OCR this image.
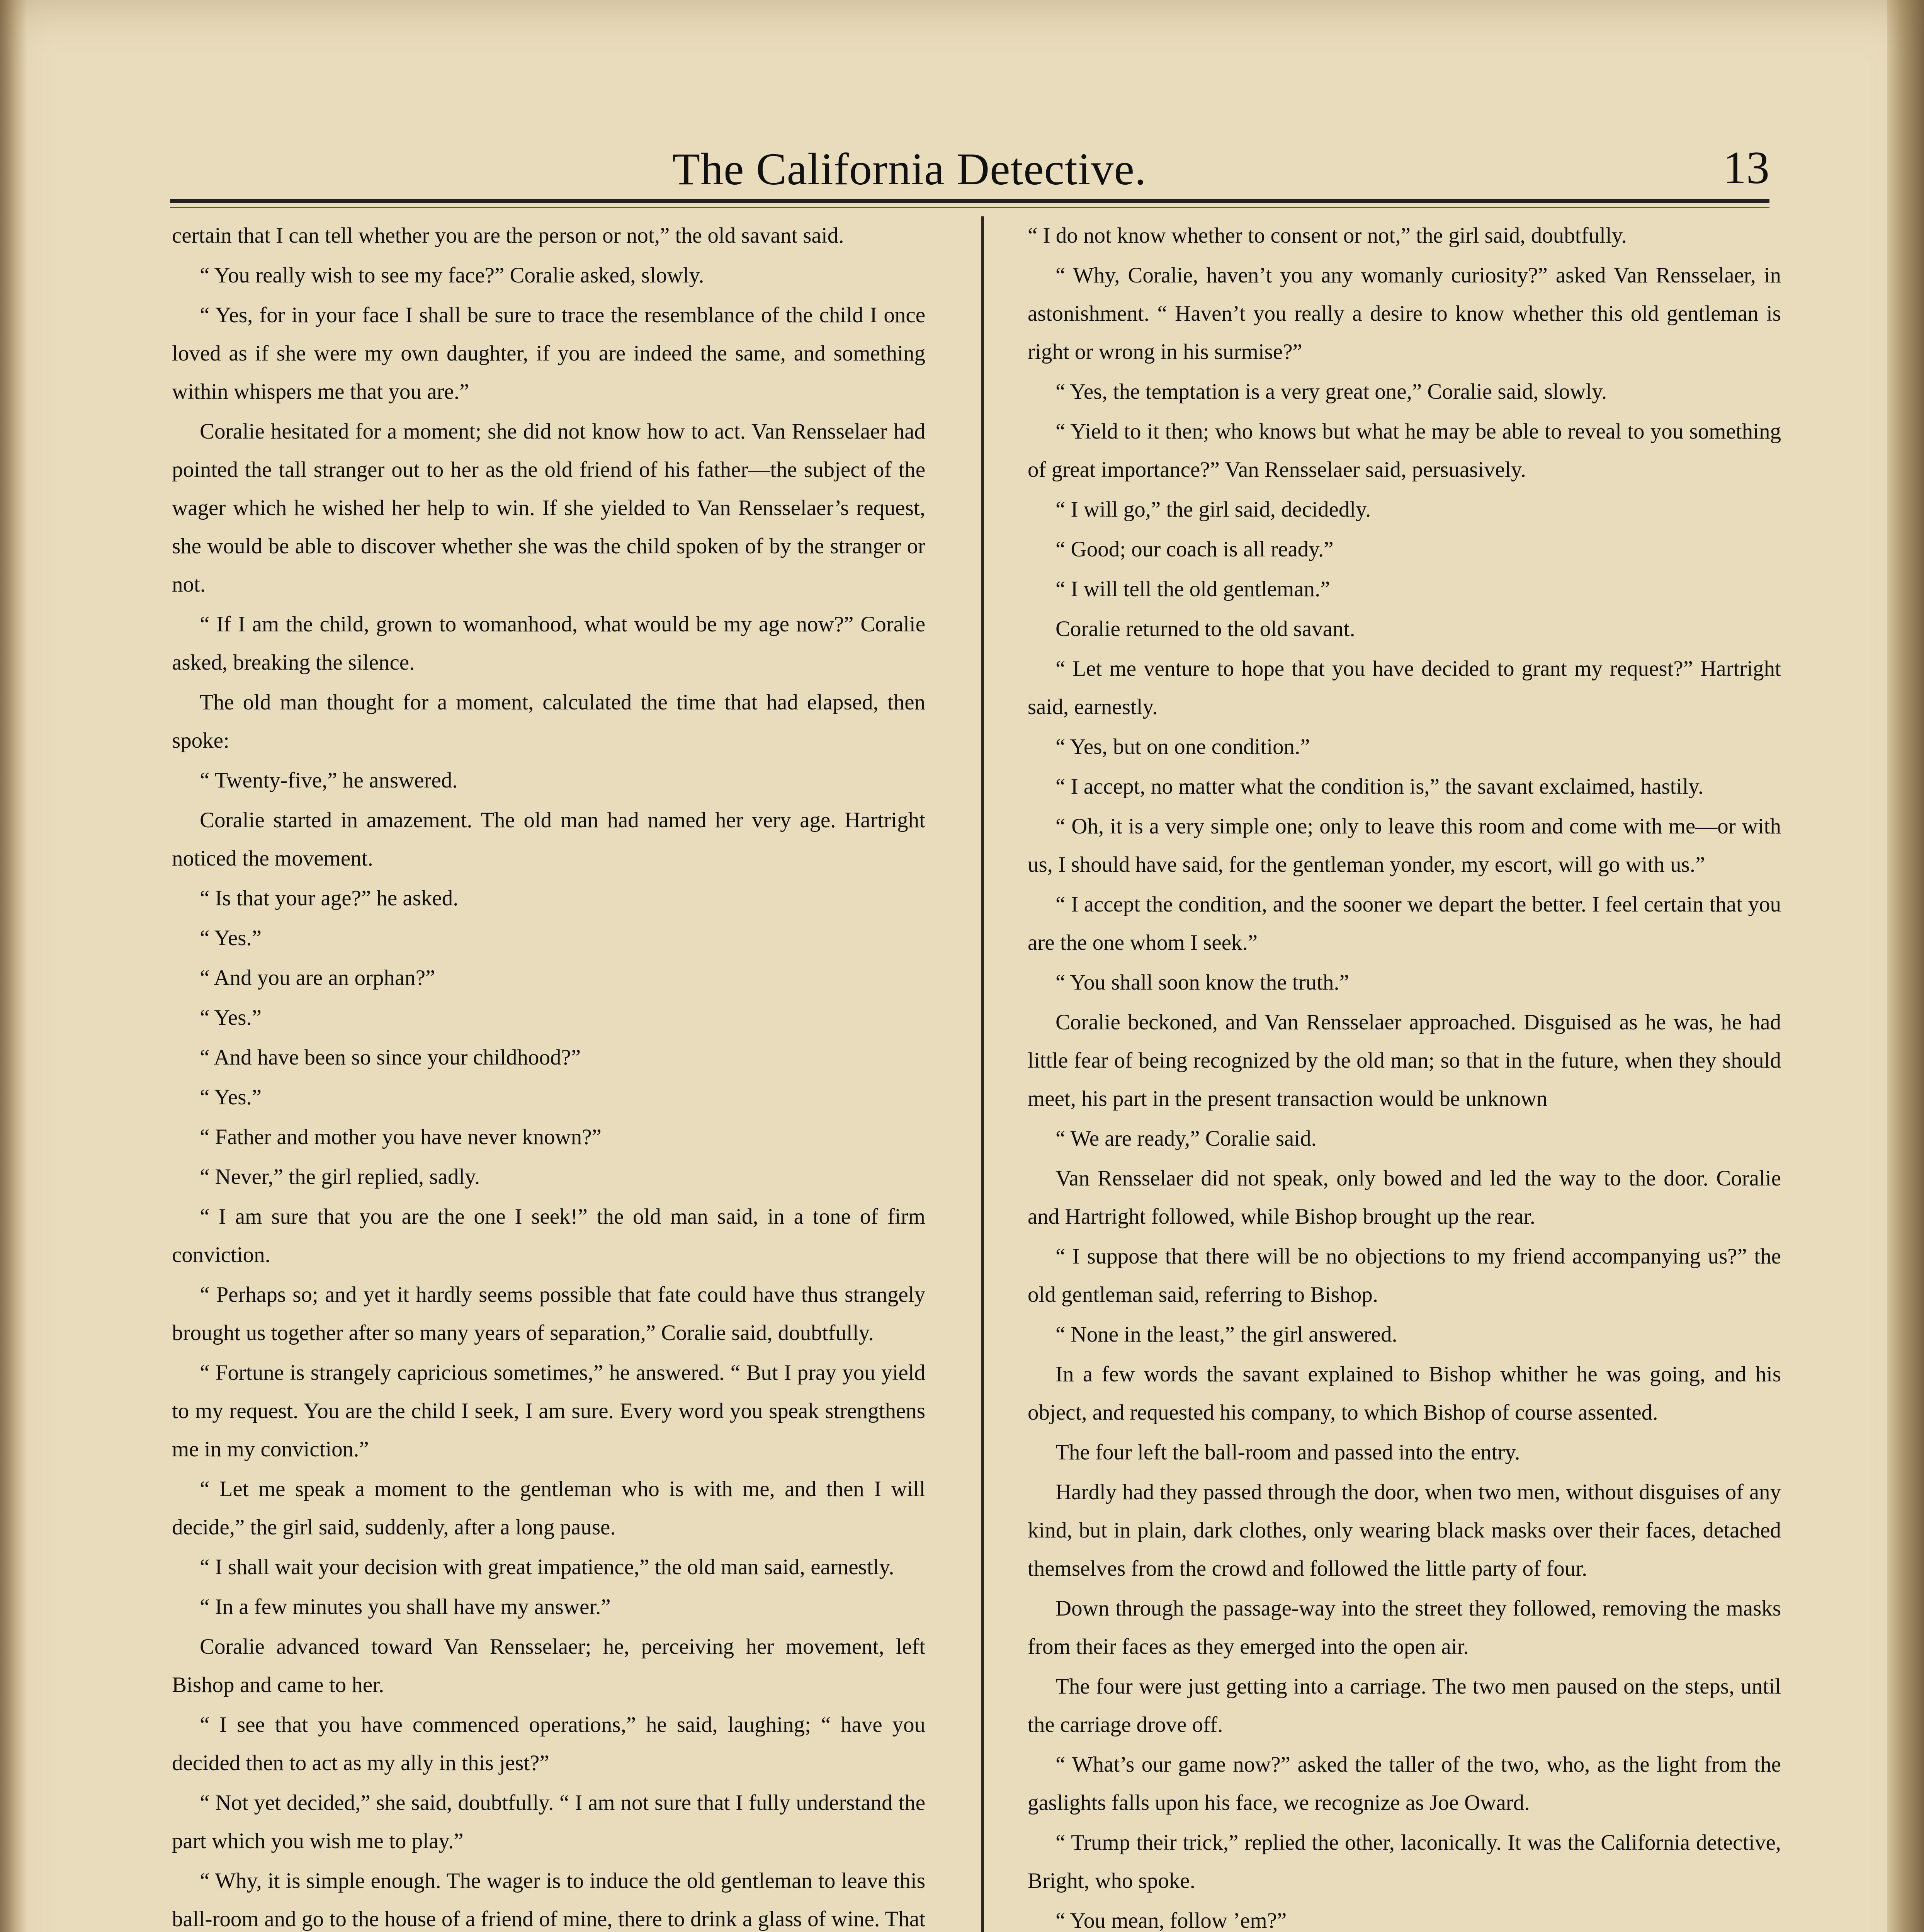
The California Detective.	13

certain that I can tell whether you are the person or not,” the old savant said.

“ You really wish to see my face?” Coralie asked, slowly.

“ Yes, for in your face I shall be sure to trace the resemblance of the child I once loved as if she were my own daughter, if you are indeed the same, and something within whispers me that you are.”

Coralie hesitated for a moment; she did not know how to act. Van Rensselaer had pointed the tall stranger out to her as the old friend of his father—the subject of the wager which he wished her help to win. If she yielded to Van Rensselaer’s request, she would be able to discover whether she was the child spoken of by the stranger or not.

“ If I am the child, grown to womanhood, what would be my age now?” Coralie asked, breaking the silence.

The old man thought for a moment, calculated the time that had elapsed, then spoke:

“ Twenty-five,” he answered.

Coralie started in amazement. The old man had named her very age. Hartright noticed the movement.

“ Is that your age?” he asked.

“ Yes.”

“ And you are an orphan?”

“ Yes.”

“ And have been so since your childhood?”

“ Yes.”

“ Father and mother you have never known?”

“ Never,” the girl replied, sadly.

“ I am sure that you are the one I seek!” the old man said, in a tone of firm conviction.

“ Perhaps so; and yet it hardly seems possible that fate could have thus strangely brought us together after so many years of separation,” Coralie said, doubtfully.

“ Fortune is strangely capricious sometimes,” he answered. “ But I pray you yield to my request. You are the child I seek, I am sure. Every word you speak strengthens me in my conviction.”

“ Let me speak a moment to the gentleman who is with me, and then I will decide,” the girl said, suddenly, after a long pause.

“ I shall wait your decision with great impatience,” the old man said, earnestly.

“ In a few minutes you shall have my answer.”

Coralie advanced toward Van Rensselaer; he, perceiving her movement, left Bishop and came to her.

“ I see that you have commenced operations,” he said, laughing; “ have you decided then to act as my ally in this jest?”

“ Not yet decided,” she said, doubtfully. “ I am not sure that I fully understand the part which you wish me to play.”

“ Why, it is simple enough. The wager is to induce the old gentleman to leave this ball-room and go to the house of a friend of mine, there to drink a glass of wine. That

“ I do not know whether to consent or not,” the girl said, doubtfully.

“ Why, Coralie, haven’t you any womanly curiosity?” asked Van Rensselaer, in astonishment. “ Haven’t you really a desire to know whether this old gentleman is right or wrong in his surmise?”

“ Yes, the temptation is a very great one,” Coralie said, slowly.

“ Yield to it then; who knows but what he may be able to reveal to you something of great importance?” Van Rensselaer said, persuasively.

“ I will go,” the girl said, decidedly.

“ Good; our coach is all ready.”

“ I will tell the old gentleman.”

Coralie returned to the old savant.

“ Let me venture to hope that you have decided to grant my request?” Hartright said, earnestly.

“ Yes, but on one condition.”

“ I accept, no matter what the condition is,” the savant exclaimed, hastily.

“ Oh, it is a very simple one; only to leave this room and come with me—or with us, I should have said, for the gentleman yonder, my escort, will go with us.”

“ I accept the condition, and the sooner we depart the better. I feel certain that you are the one whom I seek.”

“ You shall soon know the truth.”

Coralie beckoned, and Van Rensselaer approached. Disguised as he was, he had little fear of being recognized by the old man; so that in the future, when they should meet, his part in the present transaction would be unknown

“ We are ready,” Coralie said.

Van Rensselaer did not speak, only bowed and led the way to the door. Coralie and Hartright followed, while Bishop brought up the rear.

“ I suppose that there will be no objections to my friend accompanying us?” the old gentleman said, referring to Bishop.

“ None in the least,” the girl answered.

In a few words the savant explained to Bishop whither he was going, and his object, and requested his company, to which Bishop of course assented.

The four left the ball-room and passed into the entry.

Hardly had they passed through the door, when two men, without disguises of any kind, but in plain, dark clothes, only wearing black masks over their faces, detached themselves from the crowd and followed the little party of four.

Down through the passage-way into the street they followed, removing the masks from their faces as they emerged into the open air.

The four were just getting into a carriage. The two men paused on the steps, until the carriage drove off.

“ What’s our game now?” asked the taller of the two, who, as the light from the gaslights falls upon his face, we recognize as Joe Oward.

“ Trump their trick,” replied the other, laconically. It was the California detective, Bright, who spoke.

“ You mean, follow ’em?”
